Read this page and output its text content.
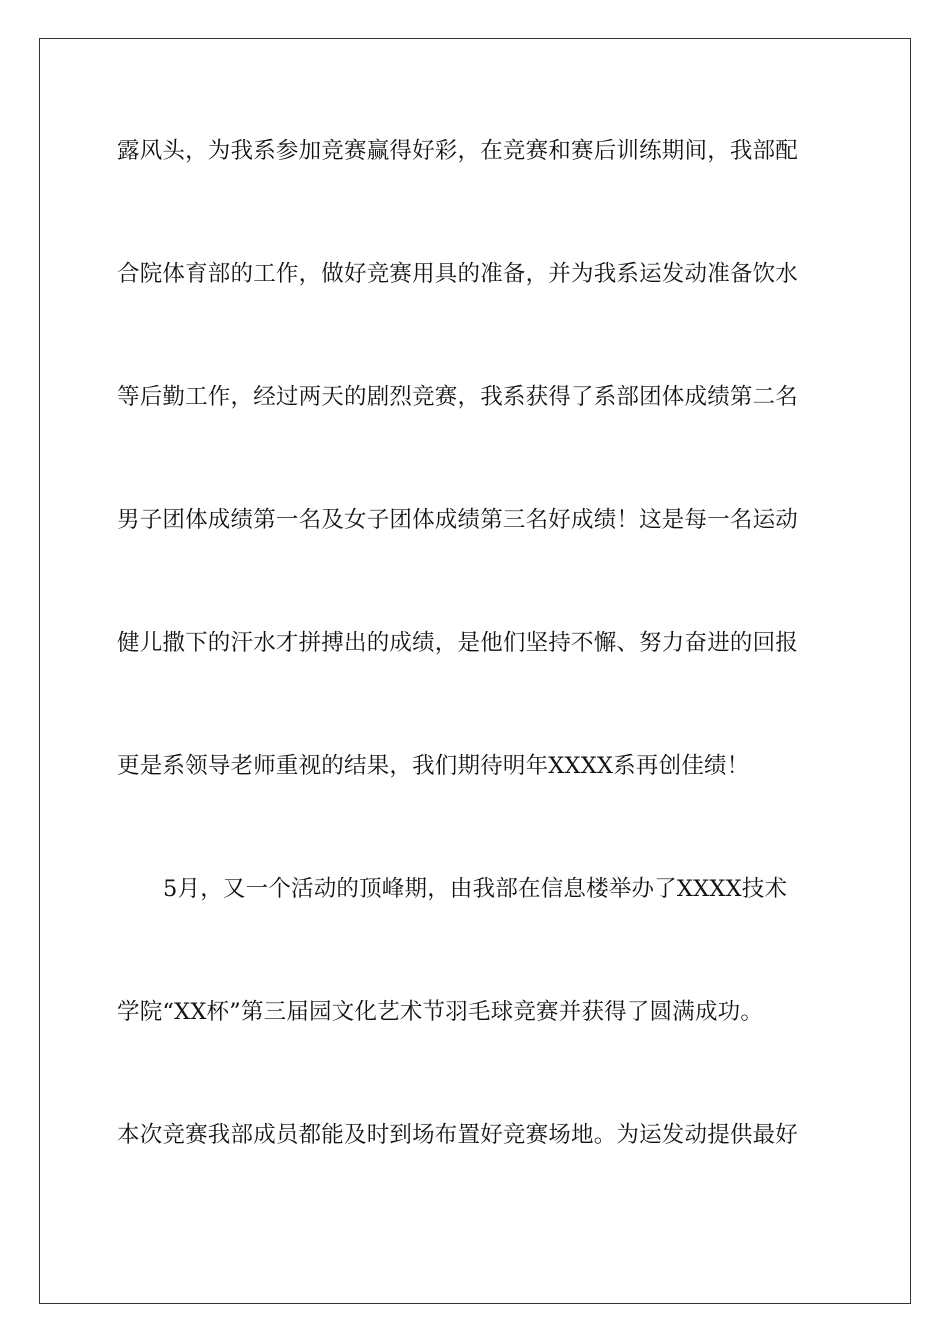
露风头，为我系参加竞赛赢得好彩，在竞赛和赛后训练期间，我部配
合院体育部的工作，做好竞赛用具的准备，并为我系运发动准备饮水
等后勤工作，经过两天的剧烈竞赛，我系获得了系部团体成绩第二名
男子团体成绩第一名及女子团体成绩第三名好成绩！这是每一名运动
健儿撒下的汗水才拼搏出的成绩，是他们坚持不懈、努力奋进的回报
更是系领导老师重视的结果，我们期待明年XXXX系再创佳绩！
5月，又一个活动的顶峰期，由我部在信息楼举办了XXXX技术
学院“XX杯”第三届园文化艺术节羽毛球竞赛并获得了圆满成功。
本次竞赛我部成员都能及时到场布置好竞赛场地。为运发动提供最好
